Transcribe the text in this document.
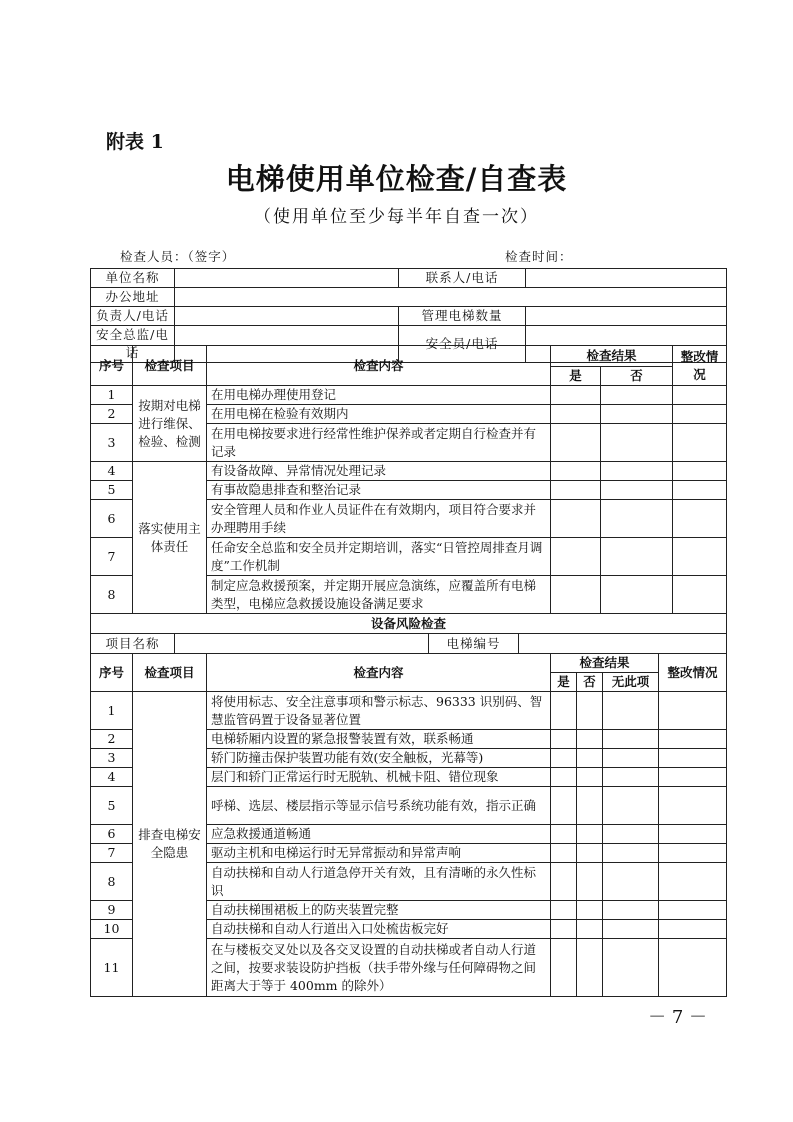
附表 1
电梯使用单位检查/自查表
（使用单位至少每半年自查一次）
检查人员：（签字）	检查时间：
单位名称		联系人/电话	
办公地址			
负责人/电话		管理电梯数量	
安全总监/电话		安全员/电话	
序号	检查项目	检查内容	检查结果		整改情况
			是	否	
1	按期对电梯进行维保、检验、检测	在用电梯办理使用登记			
2		在用电梯在检验有效期内			
3		在用电梯按要求进行经常性维护保养或者定期自行检查并有记录			
4	落实使用主体责任	有设备故障、异常情况处理记录			
5		有事故隐患排查和整治记录			
6		安全管理人员和作业人员证件在有效期内，项目符合要求并办理聘用手续			
7		任命安全总监和安全员并定期培训，落实“日管控周排查月调度”工作机制			
8		制定应急救援预案，并定期开展应急演练，应覆盖所有电梯类型，电梯应急救援设施设备满足要求			
设备风险检查
项目名称		电梯编号	
序号	检查项目	检查内容	检查结果			整改情况
			是	否	无此项	
1	排查电梯安全隐患	将使用标志、安全注意事项和警示标志、96333 识别码、智慧监管码置于设备显著位置				
2		电梯轿厢内设置的紧急报警装置有效，联系畅通				
3		轿门防撞击保护装置功能有效(安全触板，光幕等)				
4		层门和轿门正常运行时无脱轨、机械卡阻、错位现象				
5		呼梯、选层、楼层指示等显示信号系统功能有效，指示正确				
6		应急救援通道畅通				
7		驱动主机和电梯运行时无异常振动和异常声响				
8		自动扶梯和自动人行道急停开关有效，且有清晰的永久性标识				
9		自动扶梯围裙板上的防夹装置完整				
10		自动扶梯和自动人行道出入口处梳齿板完好				
11		在与楼板交叉处以及各交叉设置的自动扶梯或者自动人行道之间，按要求装设防护挡板（扶手带外缘与任何障碍物之间距离大于等于 400mm 的除外）				
－ 7 －
